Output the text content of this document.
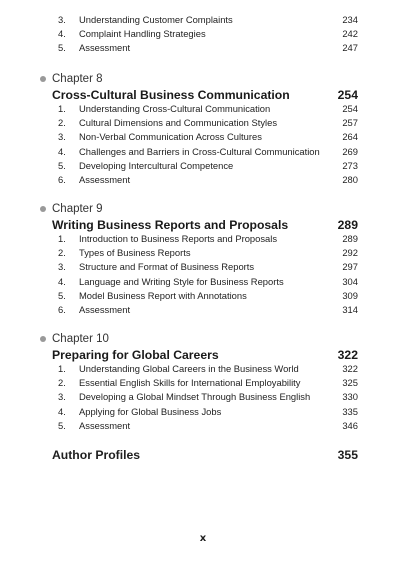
3.	Understanding Customer Complaints	234
4.	Complaint Handling Strategies	242
5.	Assessment	247
Chapter 8
Cross-Cultural Business Communication	254
1.	Understanding Cross-Cultural Communication	254
2.	Cultural Dimensions and Communication Styles	257
3.	Non-Verbal Communication Across Cultures	264
4.	Challenges and Barriers in Cross-Cultural Communication 269
5.	Developing Intercultural Competence	273
6.	Assessment	280
Chapter 9
Writing Business Reports and Proposals	289
1.	Introduction to Business Reports and Proposals	289
2.	Types of Business Reports	292
3.	Structure and Format of Business Reports	297
4.	Language and Writing Style for Business Reports	304
5.	Model Business Report with Annotations	309
6.	Assessment	314
Chapter 10
Preparing for Global Careers	322
1.	Understanding Global Careers in the Business World	322
2.	Essential English Skills for International Employability	325
3.	Developing a Global Mindset Through Business English	330
4.	Applying for Global Business Jobs	335
5.	Assessment	346
Author Profiles	355
x
